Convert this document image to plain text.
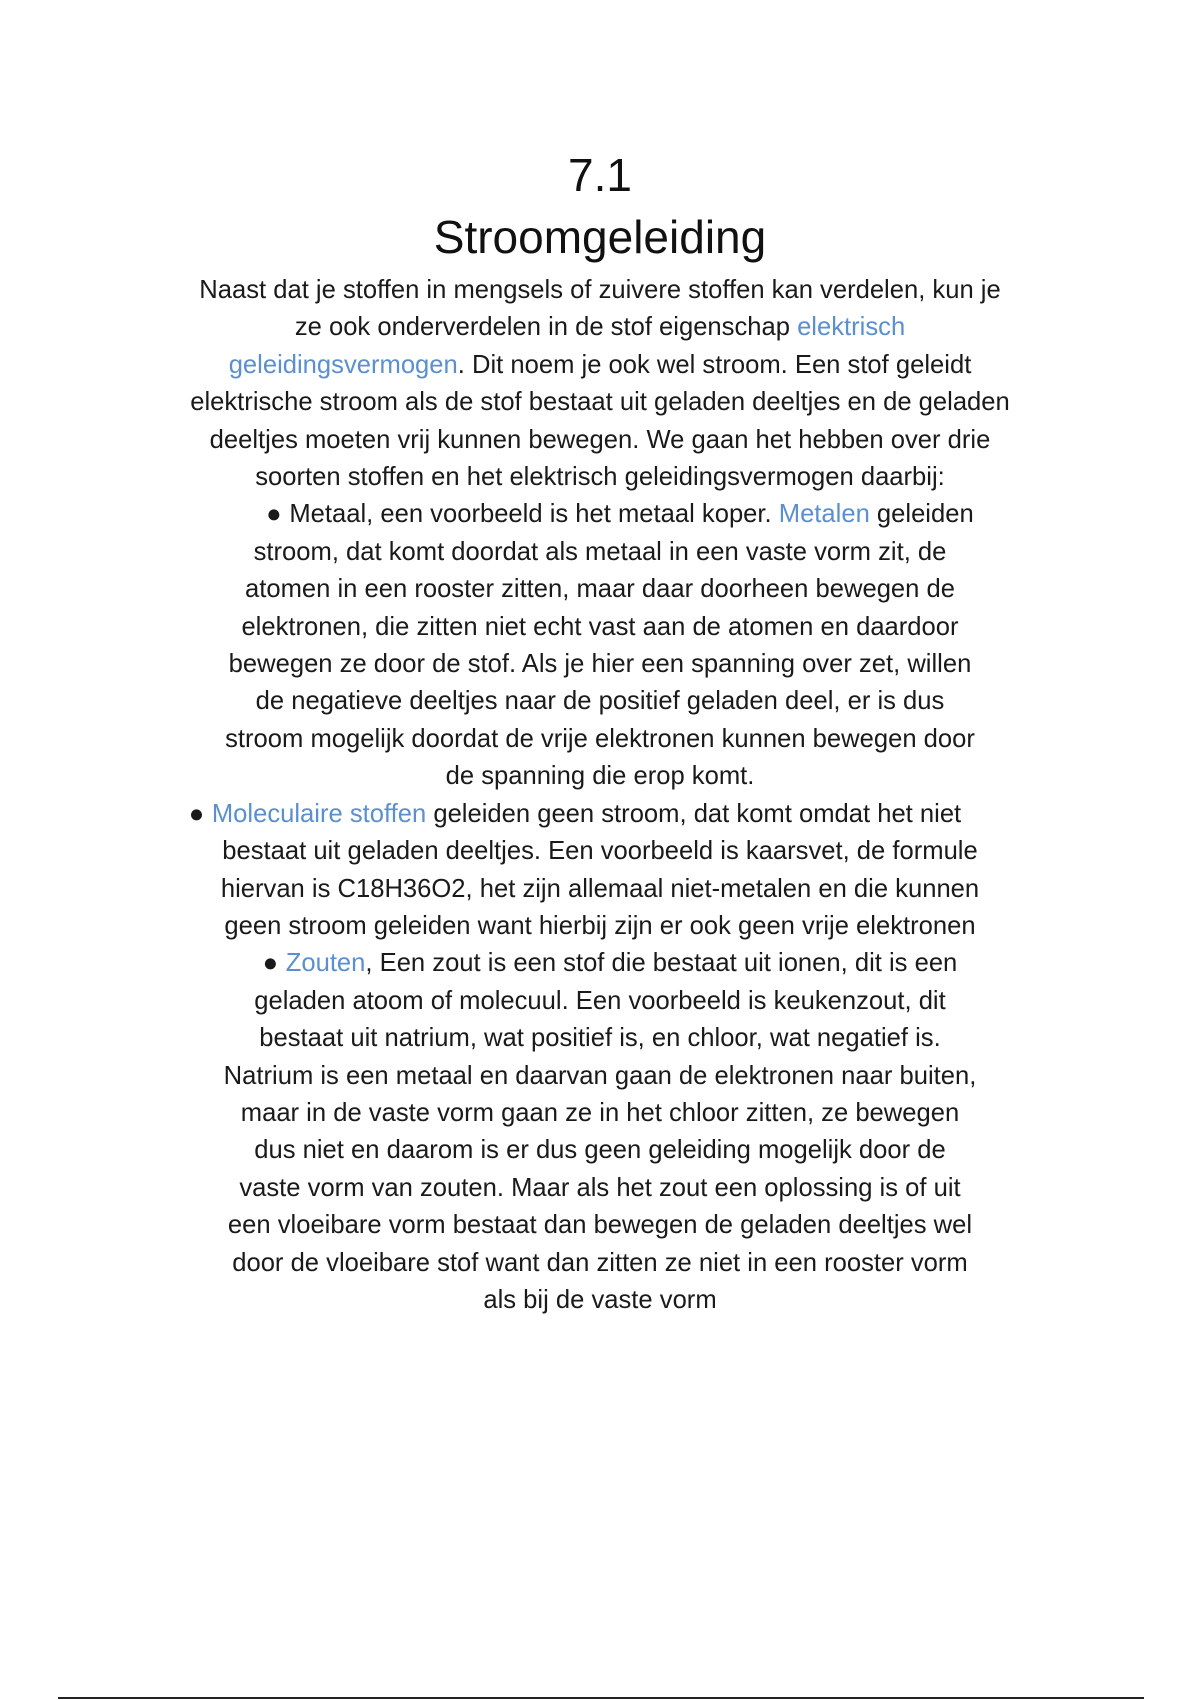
7.1
Stroomgeleiding
Naast dat je stoffen in mengsels of zuivere stoffen kan verdelen, kun je
ze ook onderverdelen in de stof eigenschap elektrisch
geleidingsvermogen. Dit noem je ook wel stroom. Een stof geleidt
elektrische stroom als de stof bestaat uit geladen deeltjes en de geladen
deeltjes moeten vrij kunnen bewegen. We gaan het hebben over drie
soorten stoffen en het elektrisch geleidingsvermogen daarbij:
● Metaal, een voorbeeld is het metaal koper. Metalen geleiden
stroom, dat komt doordat als metaal in een vaste vorm zit, de
atomen in een rooster zitten, maar daar doorheen bewegen de
elektronen, die zitten niet echt vast aan de atomen en daardoor
bewegen ze door de stof. Als je hier een spanning over zet, willen
de negatieve deeltjes naar de positief geladen deel, er is dus
stroom mogelijk doordat de vrije elektronen kunnen bewegen door
de spanning die erop komt.
● Moleculaire stoffen geleiden geen stroom, dat komt omdat het niet
bestaat uit geladen deeltjes. Een voorbeeld is kaarsvet, de formule
hiervan is C18H36O2, het zijn allemaal niet-metalen en die kunnen
geen stroom geleiden want hierbij zijn er ook geen vrije elektronen
● Zouten, Een zout is een stof die bestaat uit ionen, dit is een
geladen atoom of molecuul. Een voorbeeld is keukenzout, dit
bestaat uit natrium, wat positief is, en chloor, wat negatief is.
Natrium is een metaal en daarvan gaan de elektronen naar buiten,
maar in de vaste vorm gaan ze in het chloor zitten, ze bewegen
dus niet en daarom is er dus geen geleiding mogelijk door de
vaste vorm van zouten. Maar als het zout een oplossing is of uit
een vloeibare vorm bestaat dan bewegen de geladen deeltjes wel
door de vloeibare stof want dan zitten ze niet in een rooster vorm
als bij de vaste vorm
